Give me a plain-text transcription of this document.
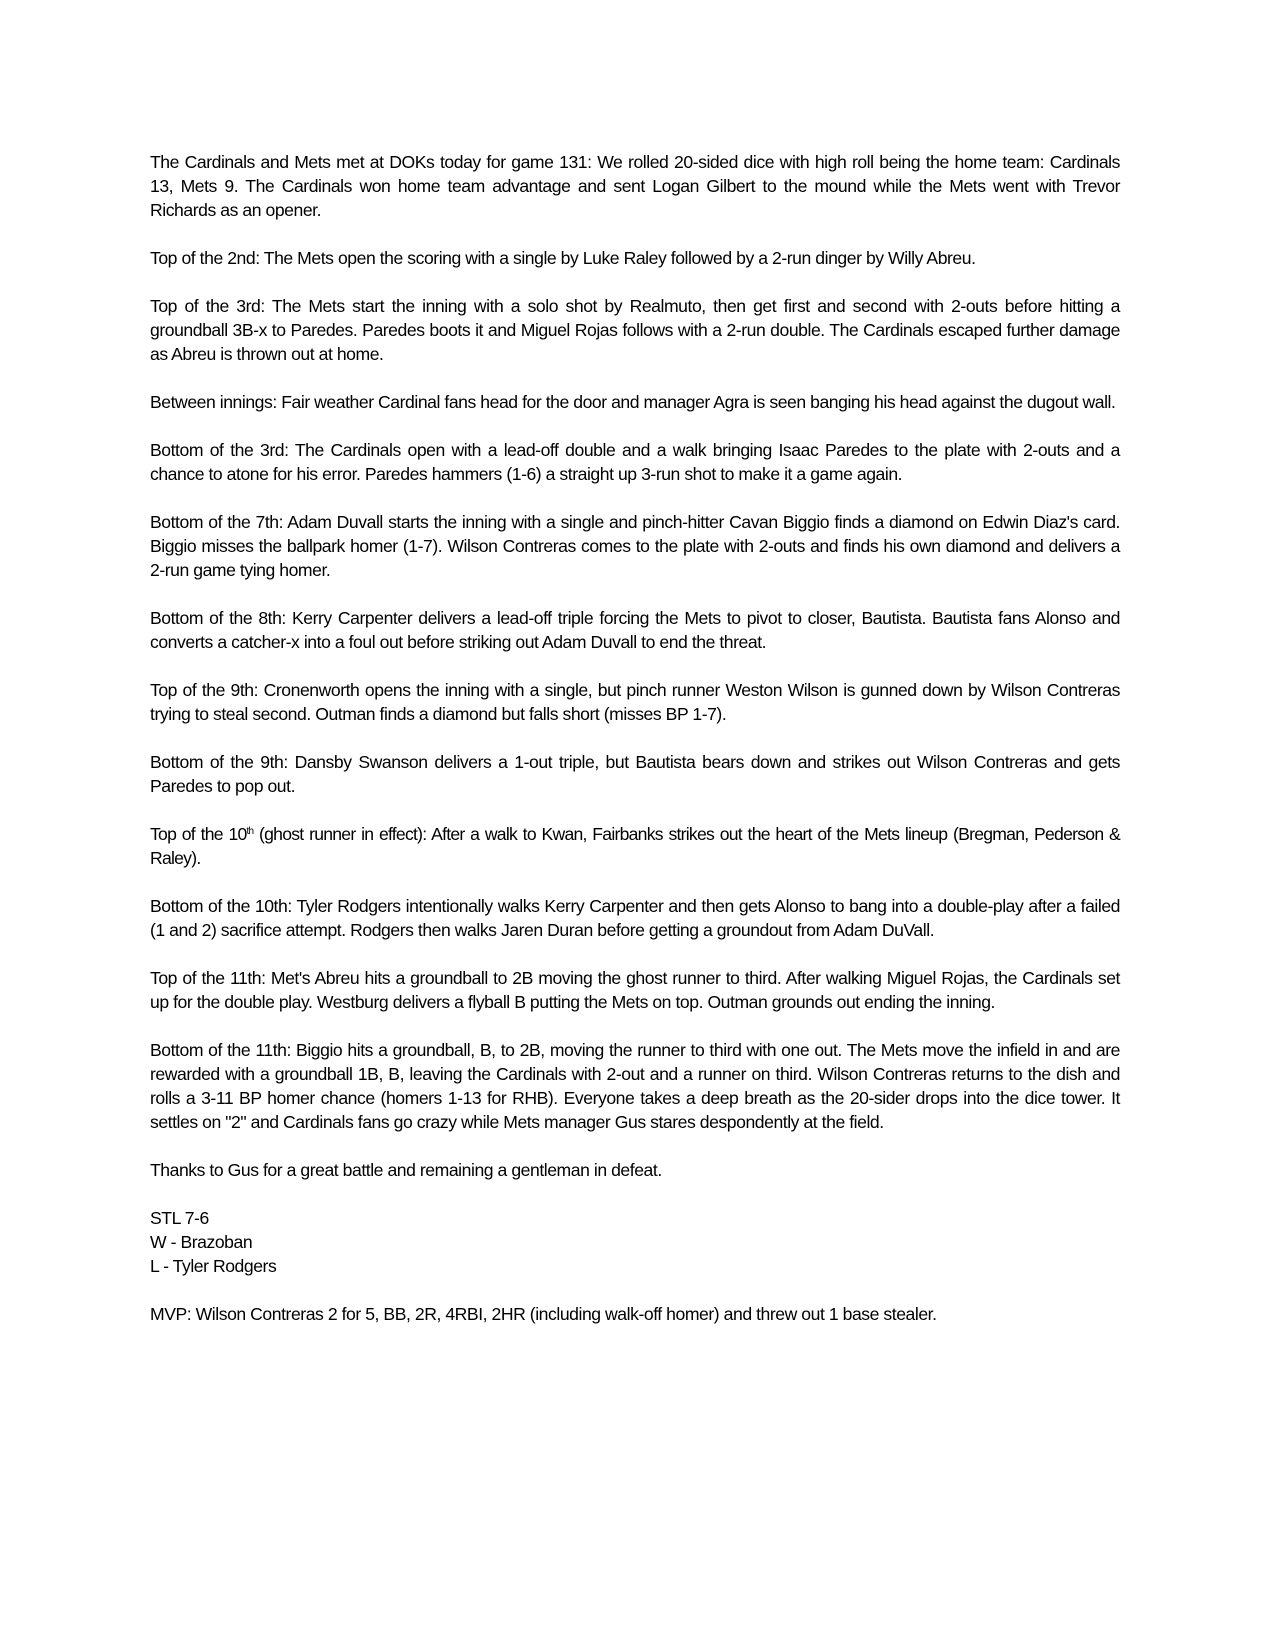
The Cardinals and Mets met at DOKs today for game 131: We rolled 20-sided dice with high roll being the home team: Cardinals 13, Mets 9. The Cardinals won home team advantage and sent Logan Gilbert to the mound while the Mets went with Trevor Richards as an opener.

Top of the 2nd: The Mets open the scoring with a single by Luke Raley followed by a 2-run dinger by Willy Abreu.

Top of the 3rd: The Mets start the inning with a solo shot by Realmuto, then get first and second with 2-outs before hitting a groundball 3B-x to Paredes. Paredes boots it and Miguel Rojas follows with a 2-run double. The Cardinals escaped further damage as Abreu is thrown out at home.

Between innings: Fair weather Cardinal fans head for the door and manager Agra is seen banging his head against the dugout wall.

Bottom of the 3rd: The Cardinals open with a lead-off double and a walk bringing Isaac Paredes to the plate with 2-outs and a chance to atone for his error. Paredes hammers (1-6) a straight up 3-run shot to make it a game again.

Bottom of the 7th: Adam Duvall starts the inning with a single and pinch-hitter Cavan Biggio finds a diamond on Edwin Diaz's card. Biggio misses the ballpark homer (1-7). Wilson Contreras comes to the plate with 2-outs and finds his own diamond and delivers a 2-run game tying homer.

Bottom of the 8th: Kerry Carpenter delivers a lead-off triple forcing the Mets to pivot to closer, Bautista. Bautista fans Alonso and converts a catcher-x into a foul out before striking out Adam Duvall to end the threat.

Top of the 9th: Cronenworth opens the inning with a single, but pinch runner Weston Wilson is gunned down by Wilson Contreras trying to steal second. Outman finds a diamond but falls short (misses BP 1-7).

Bottom of the 9th: Dansby Swanson delivers a 1-out triple, but Bautista bears down and strikes out Wilson Contreras and gets Paredes to pop out.

Top of the 10th (ghost runner in effect): After a walk to Kwan, Fairbanks strikes out the heart of the Mets lineup (Bregman, Pederson & Raley).

Bottom of the 10th: Tyler Rodgers intentionally walks Kerry Carpenter and then gets Alonso to bang into a double-play after a failed (1 and 2) sacrifice attempt. Rodgers then walks Jaren Duran before getting a groundout from Adam DuVall.

Top of the 11th: Met's Abreu hits a groundball to 2B moving the ghost runner to third. After walking Miguel Rojas, the Cardinals set up for the double play. Westburg delivers a flyball B putting the Mets on top. Outman grounds out ending the inning.

Bottom of the 11th: Biggio hits a groundball, B, to 2B, moving the runner to third with one out. The Mets move the infield in and are rewarded with a groundball 1B, B, leaving the Cardinals with 2-out and a runner on third. Wilson Contreras returns to the dish and rolls a 3-11 BP homer chance (homers 1-13 for RHB). Everyone takes a deep breath as the 20-sider drops into the dice tower. It settles on "2" and Cardinals fans go crazy while Mets manager Gus stares despondently at the field.

Thanks to Gus for a great battle and remaining a gentleman in defeat.

STL 7-6
W - Brazoban
L - Tyler Rodgers

MVP: Wilson Contreras 2 for 5, BB, 2R, 4RBI, 2HR (including walk-off homer) and threw out 1 base stealer.
